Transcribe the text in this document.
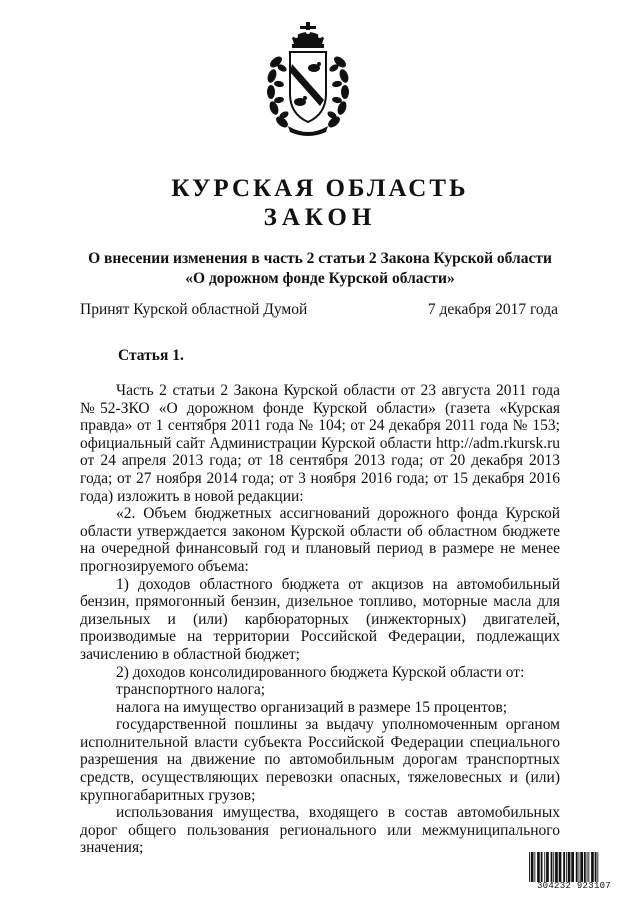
КУРСКАЯ ОБЛАСТЬ
ЗАКОН
О внесении изменения в часть 2 статьи 2 Закона Курской области
«О дорожном фонде Курской области»
Принят Курской областной Думой	7 декабря 2017 года
Статья 1.

Часть 2 статьи 2 Закона Курской области от 23 августа 2011 года №52-ЗКО «О дорожном фонде Курской области» (газета «Курская правда» от 1 сентября 2011 года № 104; от 24 декабря 2011 года № 153; официальный сайт Администрации Курской области http://adm.rkursk.ru от 24 апреля 2013 года; от 18 сентября 2013 года; от 20 декабря 2013 года; от 27 ноября 2014 года; от 3 ноября 2016 года; от 15 декабря 2016 года) изложить в новой редакции:

«2. Объем бюджетных ассигнований дорожного фонда Курской области утверждается законом Курской области об областном бюджете на очередной финансовый год и плановый период в размере не менее прогнозируемого объема:

1) доходов областного бюджета от акцизов на автомобильный бензин, прямогонный бензин, дизельное топливо, моторные масла для дизельных и (или) карбюраторных (инжекторных) двигателей, производимые на территории Российской Федерации, подлежащих зачислению в областной бюджет;

2) доходов консолидированного бюджета Курской области от:

транспортного налога;

налога на имущество организаций в размере 15 процентов;

государственной пошлины за выдачу уполномоченным органом исполнительной власти субъекта Российской Федерации специального разрешения на движение по автомобильным дорогам транспортных средств, осуществляющих перевозки опасных, тяжеловесных и (или) крупногабаритных грузов;

использования имущества, входящего в состав автомобильных дорог общего пользования регионального или межмуниципального значения;

304232 923107
